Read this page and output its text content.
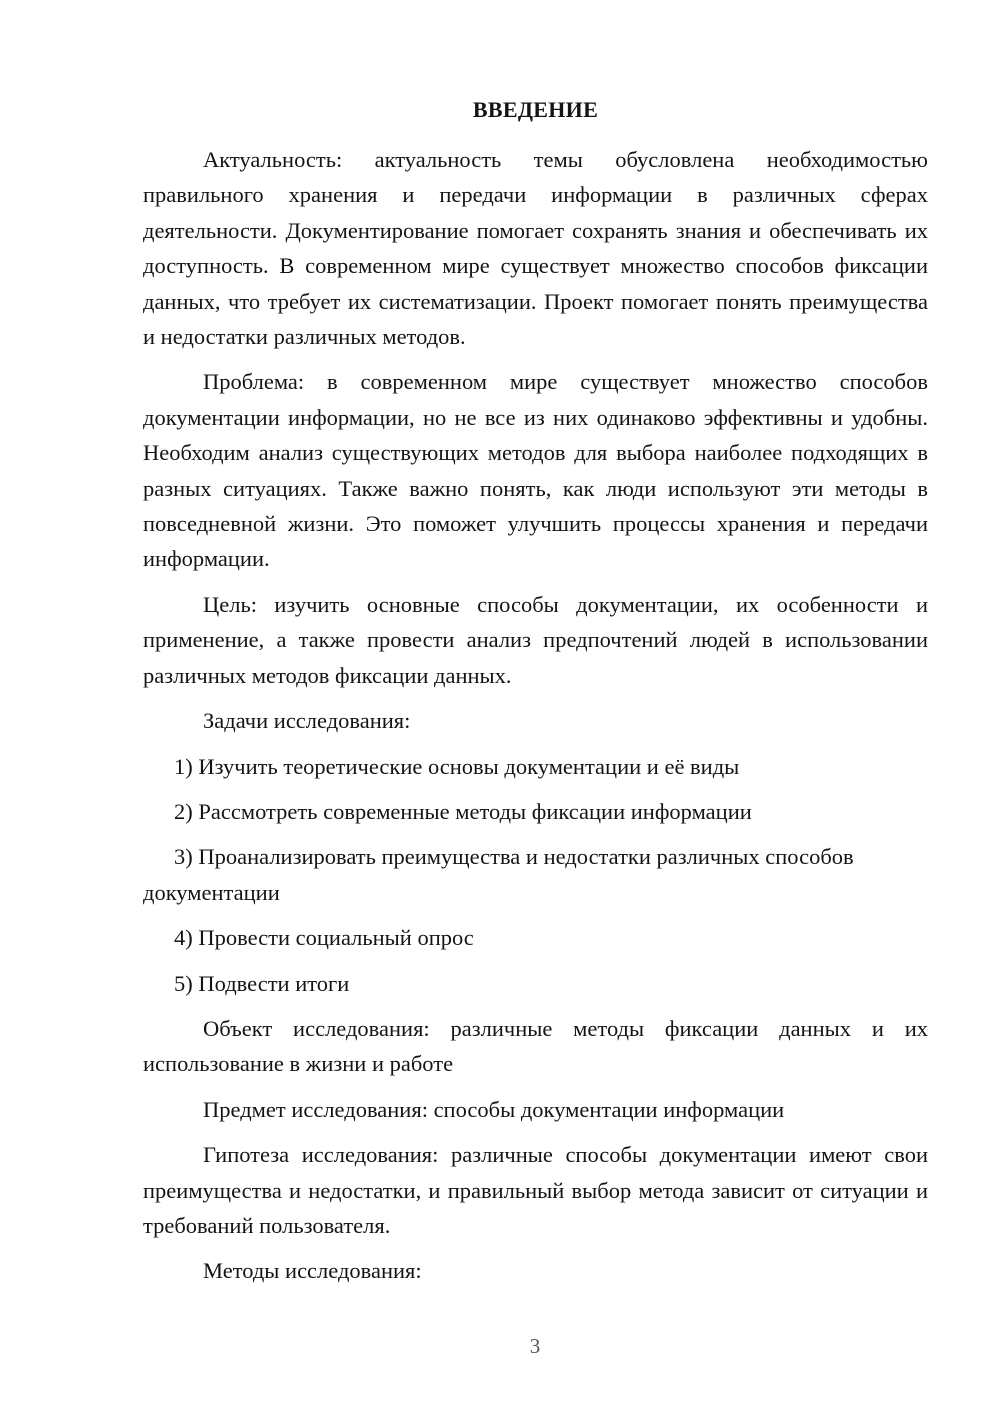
ВВЕДЕНИЕ

Актуальность: актуальность темы обусловлена необходимостью правильного хранения и передачи информации в различных сферах деятельности. Документирование помогает сохранять знания и обеспечивать их доступность. В современном мире существует множество способов фиксации данных, что требует их систематизации. Проект помогает понять преимущества и недостатки различных методов.

Проблема: в современном мире существует множество способов документации информации, но не все из них одинаково эффективны и удобны. Необходим анализ существующих методов для выбора наиболее подходящих в разных ситуациях. Также важно понять, как люди используют эти методы в повседневной жизни. Это поможет улучшить процессы хранения и передачи информации.

Цель: изучить основные способы документации, их особенности и применение, а также провести анализ предпочтений людей в использовании различных методов фиксации данных.

Задачи исследования:

1) Изучить теоретические основы документации и её виды

2) Рассмотреть современные методы фиксации информации

3) Проанализировать преимущества и недостатки различных способов документации

4) Провести социальный опрос

5) Подвести итоги

Объект исследования: различные методы фиксации данных и их использование в жизни и работе

Предмет исследования: способы документации информации

Гипотеза исследования: различные способы документации имеют свои преимущества и недостатки, и правильный выбор метода зависит от ситуации и требований пользователя.

Методы исследования:

3
